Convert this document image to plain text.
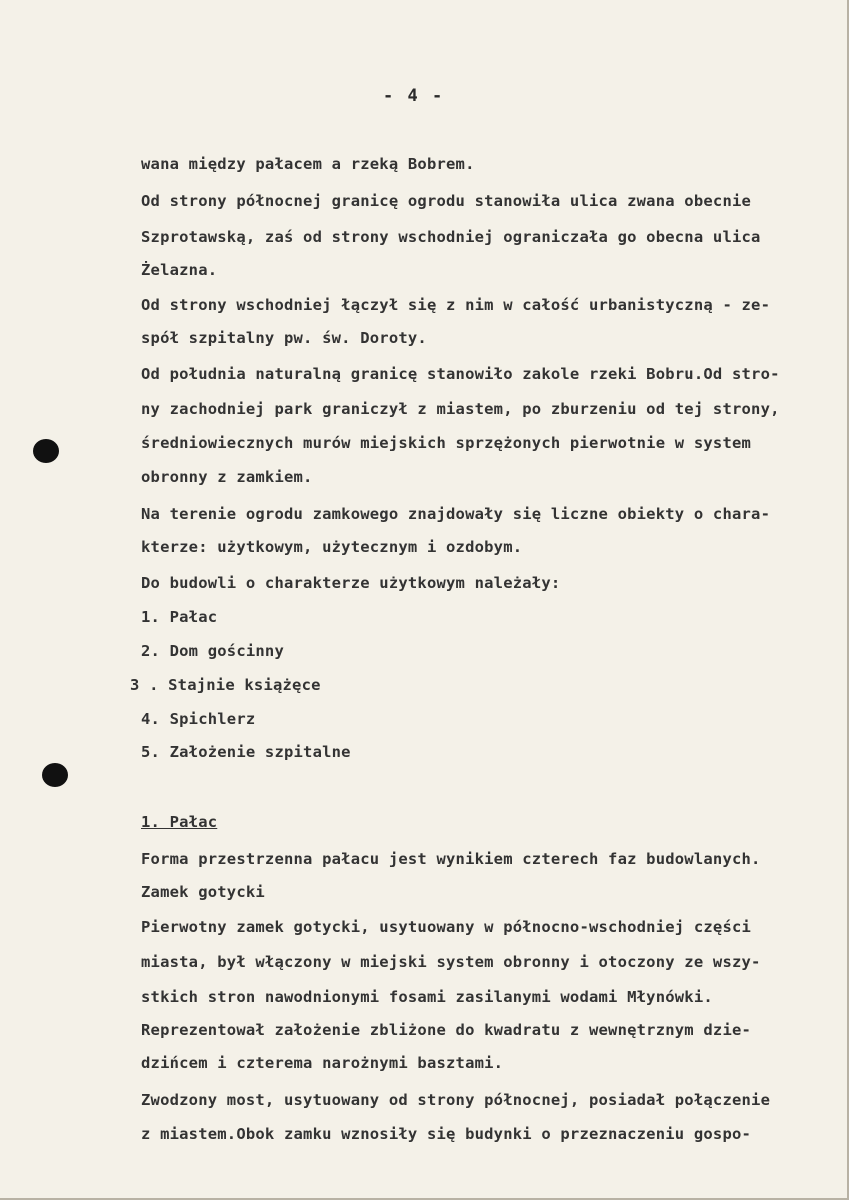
- 4 -
wana między pałacem a rzeką Bobrem.
Od strony północnej granicę ogrodu stanowiła ulica zwana obecnie
Szprotawską, zaś od strony wschodniej ograniczała go obecna ulica
Żelazna.
Od strony wschodniej łączył się z nim w całość urbanistyczną - ze-
spół szpitalny pw. św. Doroty.
Od południa naturalną granicę stanowiło zakole rzeki Bobru.Od stro-
ny zachodniej park graniczył z miastem, po zburzeniu od tej strony,
średniowiecznych murów miejskich sprzężonych pierwotnie w system
obronny z zamkiem.
Na terenie ogrodu zamkowego znajdowały się liczne obiekty o chara-
kterze: użytkowym, użytecznym i ozdobym.
Do budowli o charakterze użytkowym należały:
1. Pałac
2. Dom gościnny
3 . Stajnie książęce
4. Spichlerz
5. Założenie szpitalne
1. Pałac
Forma przestrzenna pałacu jest wynikiem czterech faz budowlanych.
Zamek gotycki
Pierwotny zamek gotycki, usytuowany w północno-wschodniej części
miasta, był włączony w miejski system obronny i otoczony ze wszy-
stkich stron nawodnionymi fosami zasilanymi wodami Młynówki.
Reprezentował założenie zbliżone do kwadratu z wewnętrznym dzie-
dzińcem i czterema narożnymi basztami.
Zwodzony most, usytuowany od strony północnej, posiadał połączenie
z miastem.Obok zamku wznosiły się budynki o przeznaczeniu gospo-
